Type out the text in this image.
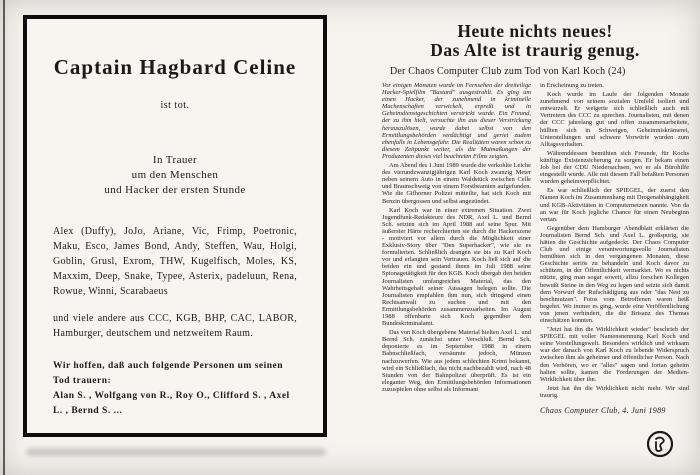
Captain Hagbard Celine
ist tot.
In Trauer
um den Menschen
und Hacker der ersten Stunde

Alex (Duffy), JoJo, Ariane, Vic, Frimp, Poetronic, Maku, Esco, James Bond, Andy, Steffen, Wau, Holgi, Goblin, Grusl, Exrom, THW, Kugelfisch, Moles, KS, Maxxim, Deep, Snake, Typee, Asterix, padeluun, Rena, Rowue, Winni, Scarabaeus

und viele andere aus CCC, KGB, BHP, CAC, LABOR, Hamburger, deutschem und netzweitem Raum.

Wir hoffen, daß auch folgende Personen um seinen Tod trauern:
Alan S. , Wolfgang von R., Roy O., Clifford S. , Axel L. , Bernd S. ...
Heute nichts neues!
Das Alte ist traurig genug.
Der Chaos Computer Club zum Tod von Karl Koch (24)

Vor einigen Monaten wurde im Fernsehen der dreiteilige Hacker-Spielfilm "Bastard" ausgestrahlt. Es ging um einen Hacker, der zunehmend in kriminelle Machenschaften verwickelt, erpreßt und in Geheimdienstgeschichten verstrickt wurde. Ein Freund, der zu ihm hielt, versuchte ihn aus dieser Verstrickung herauszulösen, wurde dabei selbst von den Ermittlungsbehörden verdächtigt und geriet zudem ebenfalls in Lebensgefahr. Die Realitäten waren schon zu diesem Zeitpunkt weiter, als die Mutmaßungen der Produzenten dieses viel beachteten Films zeigten.

Am Abend des 1.Juni 1989 wurde die verkohlte Leiche des vierundzwanzigjährigen Karl Koch zwanzig Meter neben seinem Auto in einem Waldstück zwischen Celle und Braunschweig von einem Forstbeamten aufgefunden. Wie die Gifhorner Polizei mitteilte, hat sich Koch mit Benzin übergossen und selbst angezündet.

Karl Koch war in einer extremen Situation. Zwei Jugendfunk-Redakteure des NDR, Axel L. und Bernd Sch. setzten sich im April 1988 auf seine Spur. Mit äußerster Härte recherchierten sie durch die Hackerszene - motiviert vor allem durch die Möglichkeit einer Exklusiv-Story über "Den Superhacker", wie sie es formulierten. Schließlich drangen sie bis zu Karl Koch vor und erlangten sein Vertrauen. Koch ließ sich auf die beiden ein und gestand ihnen im Juli 1988 seine Spionagetätigkeit für den KGB. Koch übergab den beiden Journalisten umfangreiches Material, das den Wahrheitsgehalt seiner Aussagen belegen sollte. Die Journalisten empfahlen ihm nun, sich dringend einen Rechtsanwalt zu suchen und mit den Ermittlungsbehörden zusammenzuarbeiten. Im August 1988 offenbarte sich Koch gegenüber dem Bundeskriminalamt.

Das von Koch übergebene Material hielten Axel L. und Bernd Sch. zunächst unter Verschluß. Bernd Sch. deponierte es im September 1988 in einem Bahnschließfach, versäumte jedoch, Münzen nachzuwerfen. Wie aus jedem schlechten Krimi bekannt, wird ein Schließfach, das nicht nachbezahlt wird, nach 48 Stunden von der Bahnpolizei überprüft. Es ist ein eleganter Weg, den Ermittlungsbehörden Informationen zuzuspielen ohne selbst als Informant

in Erscheinung zu treten.

Koch wurde im Laufe der folgenden Monate zunehmend von seinem sozialen Umfeld isoliert und entwurzelt. Er weigerte sich schließlich auch mit Vertretern des CCC zu sprechen. Journalisten, mit denen der CCC jahrelang gut und offen zusammenarbeitete, hüllten sich in Schweigen, Geheimniskrämerei, Unterstellungen und schwere Vorwürfe wurden zum Alltagsverhalten.

Währenddessen bemühten sich Freunde, für Kochs künftige Existenzsicherung zu sorgen. Er bekam einen Job bei der CDU Niedersachsen, wo er als Bürohilfe eingestellt wurde. Alle mit diesem Fall befaßten Personen wurden geheimverpflichtet.

Es war schließlich der SPIEGEL, der zuerst den Namen Koch im Zusammenhang mit Drogenabhängigkeit und KGB-Aktivitäten in Computernetzen nannte. Von da an war für Koch jegliche Chance für einen Neubeginn vertan.

Gegenüber dem Hamburger Abendblatt erklärten die Journalisten Bernd Sch. und Axel L. großspurig, sie hätten die Geschichte aufgedeckt. Der Chaos Computer Club und einige verantwortungsvolle Journalisten bemühten sich in den vergangenen Monaten, diese Geschichte seriös zu behandeln und Koch davor zu schützen, in der Öffentlichkeit vermarktet. Wo es nichts nützte, ging man sogar soweit, allzu forschen Kollegen bewußt Steine in den Weg zu legen und setzte sich damit dem Vorwurf der Rufschädigung aus oder "das Nest zu beschmutzen". Fotos vom Betroffenen waren heiß begehrt. Wo immer es ging, wurde eine Veröffentlichung von jenen verhindert, die die Brisanz des Themas einschätzen konnten.

"Jetzt hat ihn die Wirklichkeit wieder" beschrieb der SPIEGEL mit voller Namensnennung Karl Koch und seine Vorstellungswelt. Besonders wirklich und wirksam war der danach von Karl Koch zu lebende Widerspruch zwischen ihm als geheimer und öffentlicher Person. Nach den Verhören, wo er "alles" sagen und fortan geheim halten sollte, kamen die Forderungen der Medien-Wirklichkeit über ihn.

Jetzt hat ihn die Wirklichkeit nicht mehr. Wir sind traurig.

Chaos Computer Club, 4. Juni 1989
